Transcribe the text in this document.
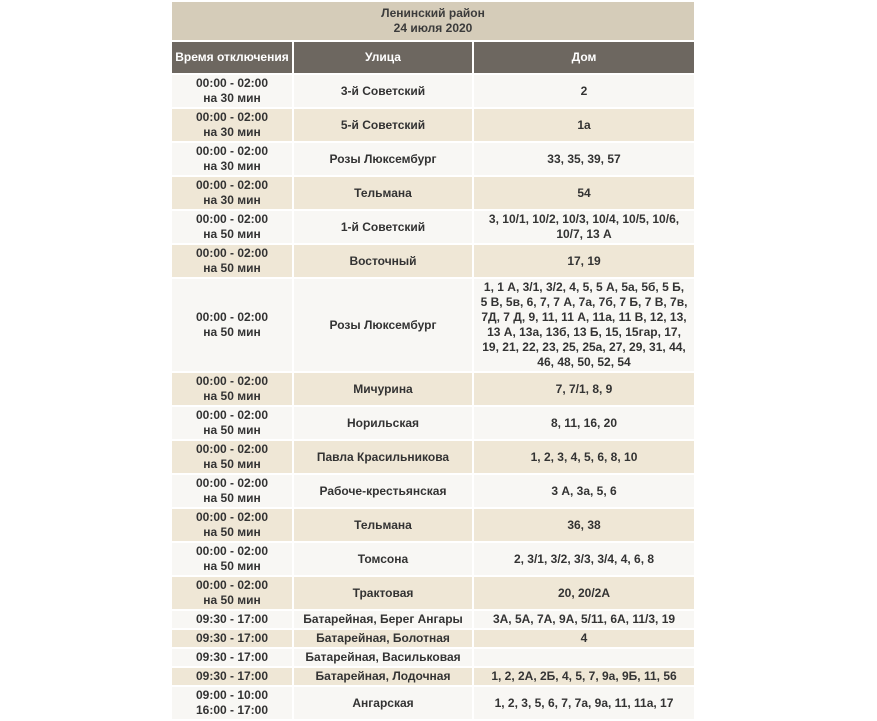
Ленинский район
24 июля 2020		

Время отключения	Улица	Дом

00:00 - 02:00
на 30 мин	3-й Советский	2

00:00 - 02:00
на 30 мин	5-й Советский	1а

00:00 - 02:00
на 30 мин	Розы Люксембург	33, 35, 39, 57

00:00 - 02:00
на 30 мин	Тельмана	54

00:00 - 02:00
на 50 мин	1-й Советский	3, 10/1, 10/2, 10/3, 10/4, 10/5, 10/6, 10/7, 13 А

00:00 - 02:00
на 50 мин	Восточный	17, 19

00:00 - 02:00
на 50 мин	Розы Люксембург	1, 1 А, 3/1, 3/2, 4, 5, 5 А, 5а, 5б, 5 Б, 5 В, 5в, 6, 7, 7 А, 7а, 7б, 7 Б, 7 В, 7в, 7Д, 7 Д, 9, 11, 11 А, 11а, 11 В, 12, 13, 13 А, 13а, 13б, 13 Б, 15, 15гар, 17, 19, 21, 22, 23, 25, 25а, 27, 29, 31, 44, 46, 48, 50, 52, 54

00:00 - 02:00
на 50 мин	Мичурина	7, 7/1, 8, 9

00:00 - 02:00
на 50 мин	Норильская	8, 11, 16, 20

00:00 - 02:00
на 50 мин	Павла Красильникова	1, 2, 3, 4, 5, 6, 8, 10

00:00 - 02:00
на 50 мин	Рабоче-крестьянская	3 А, 3а, 5, 6

00:00 - 02:00
на 50 мин	Тельмана	36, 38

00:00 - 02:00
на 50 мин	Томсона	2, 3/1, 3/2, 3/3, 3/4, 4, 6, 8

00:00 - 02:00
на 50 мин	Трактовая	20, 20/2А

09:30 - 17:00	Батарейная, Берег Ангары	3А, 5А, 7А, 9А, 5/11, 6А, 11/3, 19

09:30 - 17:00	Батарейная, Болотная	4

09:30 - 17:00	Батарейная, Васильковая	

09:30 - 17:00	Батарейная, Лодочная	1, 2, 2А, 2Б, 4, 5, 7, 9а, 9Б, 11, 56

09:00 - 10:00
16:00 - 17:00	Ангарская	1, 2, 3, 5, 6, 7, 7а, 9а, 11, 11а, 17
